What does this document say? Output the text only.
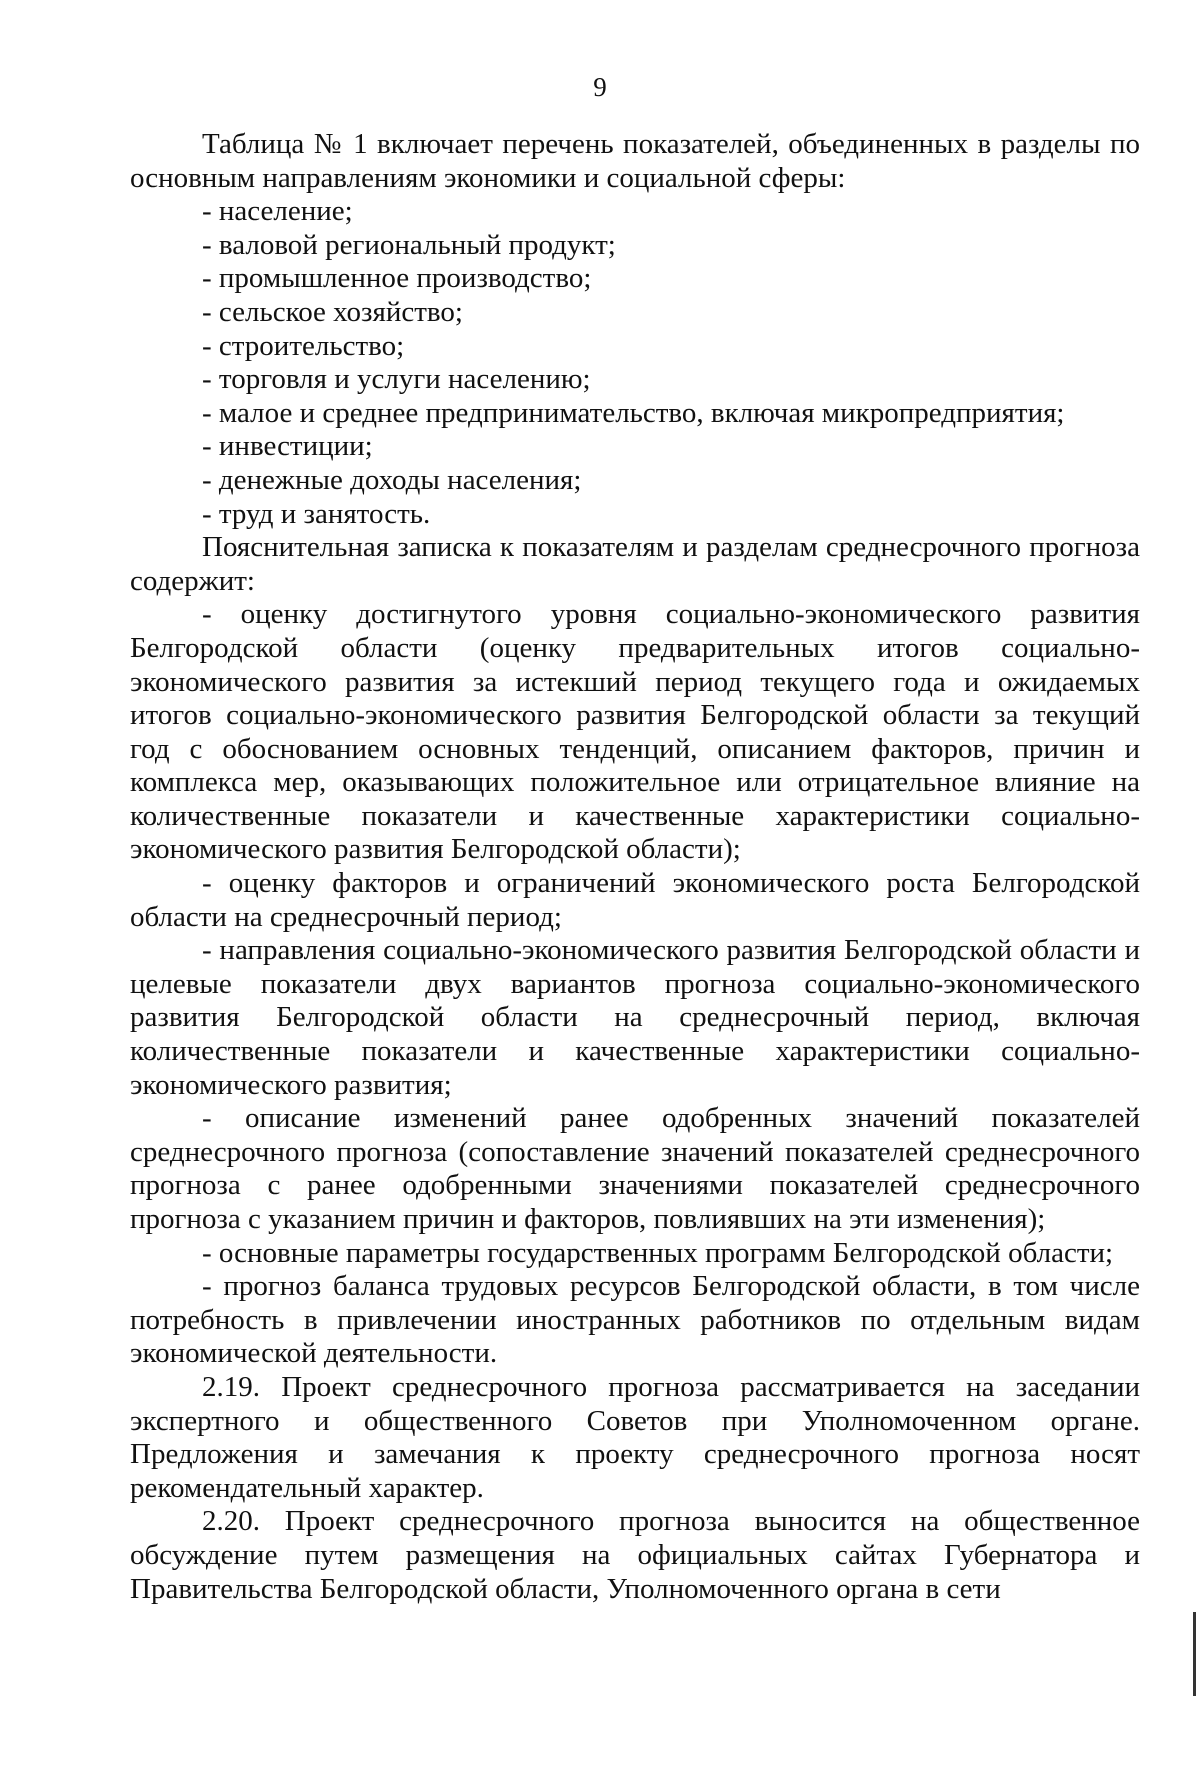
9

Таблица № 1 включает перечень показателей, объединенных в разделы по основным направлениям экономики и социальной сферы:

- население;
- валовой региональный продукт;
- промышленное производство;
- сельское хозяйство;
- строительство;
- торговля и услуги населению;
- малое и среднее предпринимательство, включая микропредприятия;
- инвестиции;
- денежные доходы населения;
- труд и занятость.

Пояснительная записка к показателям и разделам среднесрочного прогноза содержит:

- оценку достигнутого уровня социально-экономического развития Белгородской области (оценку предварительных итогов социально-экономического развития за истекший период текущего года и ожидаемых итогов социально-экономического развития Белгородской области за текущий год с обоснованием основных тенденций, описанием факторов, причин и комплекса мер, оказывающих положительное или отрицательное влияние на количественные показатели и качественные характеристики социально-экономического развития Белгородской области);

- оценку факторов и ограничений экономического роста Белгородской области на среднесрочный период;

- направления социально-экономического развития Белгородской области и целевые показатели двух вариантов прогноза социально-экономического развития Белгородской области на среднесрочный период, включая количественные показатели и качественные характеристики социально-экономического развития;

- описание изменений ранее одобренных значений показателей среднесрочного прогноза (сопоставление значений показателей среднесрочного прогноза с ранее одобренными значениями показателей среднесрочного прогноза с указанием причин и факторов, повлиявших на эти изменения);

- основные параметры государственных программ Белгородской области;

- прогноз баланса трудовых ресурсов Белгородской области, в том числе потребность в привлечении иностранных работников по отдельным видам экономической деятельности.

2.19. Проект среднесрочного прогноза рассматривается на заседании экспертного и общественного Советов при Уполномоченном органе. Предложения и замечания к проекту среднесрочного прогноза носят рекомендательный характер.

2.20. Проект среднесрочного прогноза выносится на общественное обсуждение путем размещения на официальных сайтах Губернатора и Правительства Белгородской области, Уполномоченного органа в сети
